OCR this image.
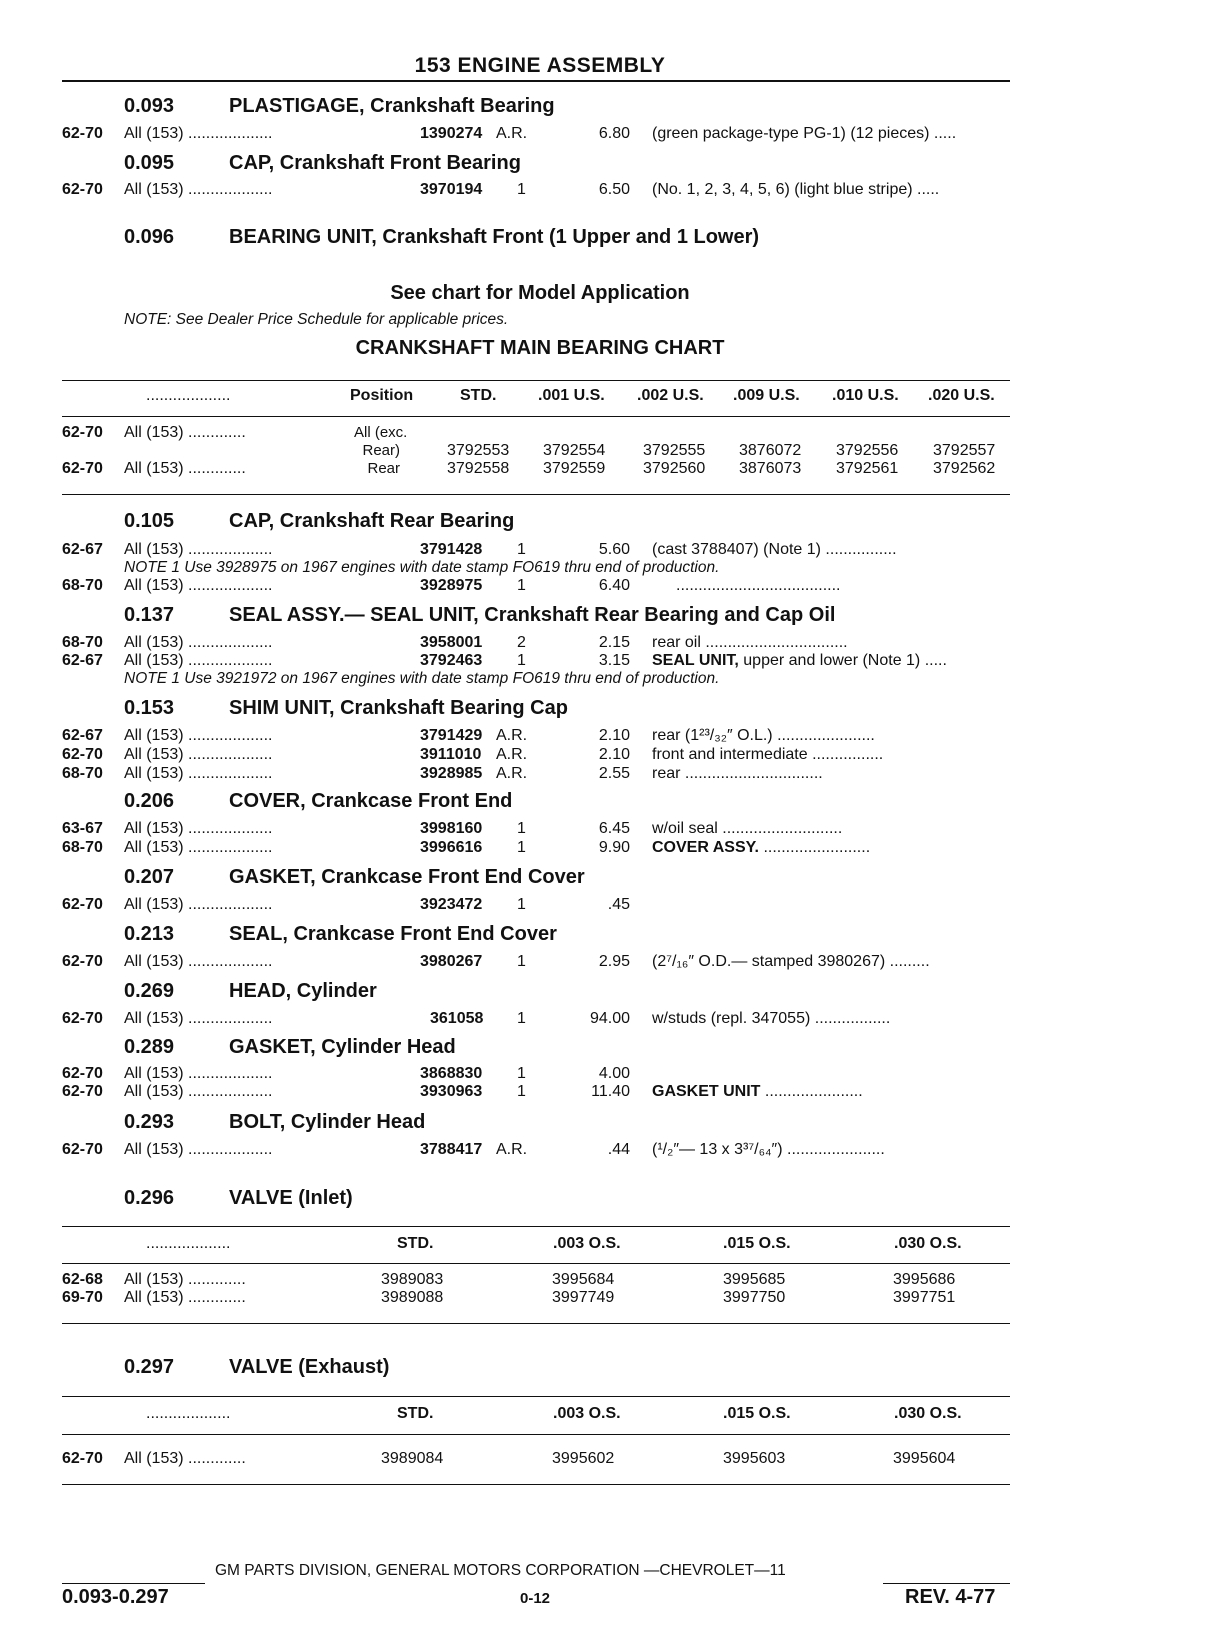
153 ENGINE ASSEMBLY
0.093	PLASTIGAGE, Crankshaft Bearing
62-70 All (153) ...................	1390274 A.R.	6.80 (green package-type PG-1) (12 pieces) .....
0.095	CAP, Crankshaft Front Bearing
62-70 All (153) ...................	3970194 1	6.50 (No. 1, 2, 3, 4, 5, 6) (light blue stripe) .....
0.096	BEARING UNIT, Crankshaft Front (1 Upper and 1 Lower)
See chart for Model Application
NOTE: See Dealer Price Schedule for applicable prices.
CRANKSHAFT MAIN BEARING CHART
...................	Position	STD.	.001 U.S. .002 U.S. .009 U.S. .010 U.S. .020 U.S.
62-70 All (153) .............	All (exc.
Rear)	3792553 3792554 3792555 3876072 3792556 3792557
62-70 All (153) .............	Rear	3792558 3792559 3792560 3876073 3792561 3792562
0.105	CAP, Crankshaft Rear Bearing
62-67 All (153) ...................	3791428 1	5.60 (cast 3788407) (Note 1) ................
NOTE 1 Use 3928975 on 1967 engines with date stamp FO619 thru end of production.
68-70 All (153) ...................	3928975 1	6.40	.....................................
0.137	SEAL ASSY.— SEAL UNIT, Crankshaft Rear Bearing and Cap Oil
68-70 All (153) ...................	3958001 2	2.15 rear oil ................................
62-67 All (153) ...................	3792463 1	3.15 SEAL UNIT, upper and lower (Note 1) .....
NOTE 1 Use 3921972 on 1967 engines with date stamp FO619 thru end of production.
0.153	SHIM UNIT, Crankshaft Bearing Cap
62-67 All (153) ...................	3791429 A.R.	2.10 rear (1²³/₃₂″ O.L.) ......................
62-70 All (153) ...................	3911010 A.R.	2.10 front and intermediate ................
68-70 All (153) ...................	3928985 A.R.	2.55 rear ...............................
0.206	COVER, Crankcase Front End
63-67 All (153) ...................	3998160 1	6.45 w/oil seal ...........................
68-70 All (153) ...................	3996616 1	9.90 COVER ASSY. ........................
0.207	GASKET, Crankcase Front End Cover
62-70 All (153) ...................	3923472 1	.45
0.213	SEAL, Crankcase Front End Cover
62-70 All (153) ...................	3980267 1	2.95 (2⁷/₁₆″ O.D.— stamped 3980267) .........
0.269	HEAD, Cylinder
62-70 All (153) ...................	361058 1	94.00 w/studs (repl. 347055) .................
0.289	GASKET, Cylinder Head
62-70 All (153) ...................	3868830 1	4.00
62-70 All (153) ...................	3930963 1	11.40 GASKET UNIT ......................
0.293	BOLT, Cylinder Head
62-70 All (153) ...................	3788417 A.R.	.44 (¹/₂″— 13 x 3³⁷/₆₄″) ......................
0.296	VALVE (Inlet)
...................	STD.	.003 O.S.	.015 O.S.	.030 O.S.
62-68 All (153) .............	3989083	3995684	3995685	3995686
69-70 All (153) .............	3989088	3997749	3997750	3997751
0.297	VALVE (Exhaust)
...................	STD.	.003 O.S.	.015 O.S.	.030 O.S.
62-70 All (153) .............	3989084	3995602	3995603	3995604
GM PARTS DIVISION, GENERAL MOTORS CORPORATION —CHEVROLET—11
0.093-0.297	0-12	REV. 4-77
